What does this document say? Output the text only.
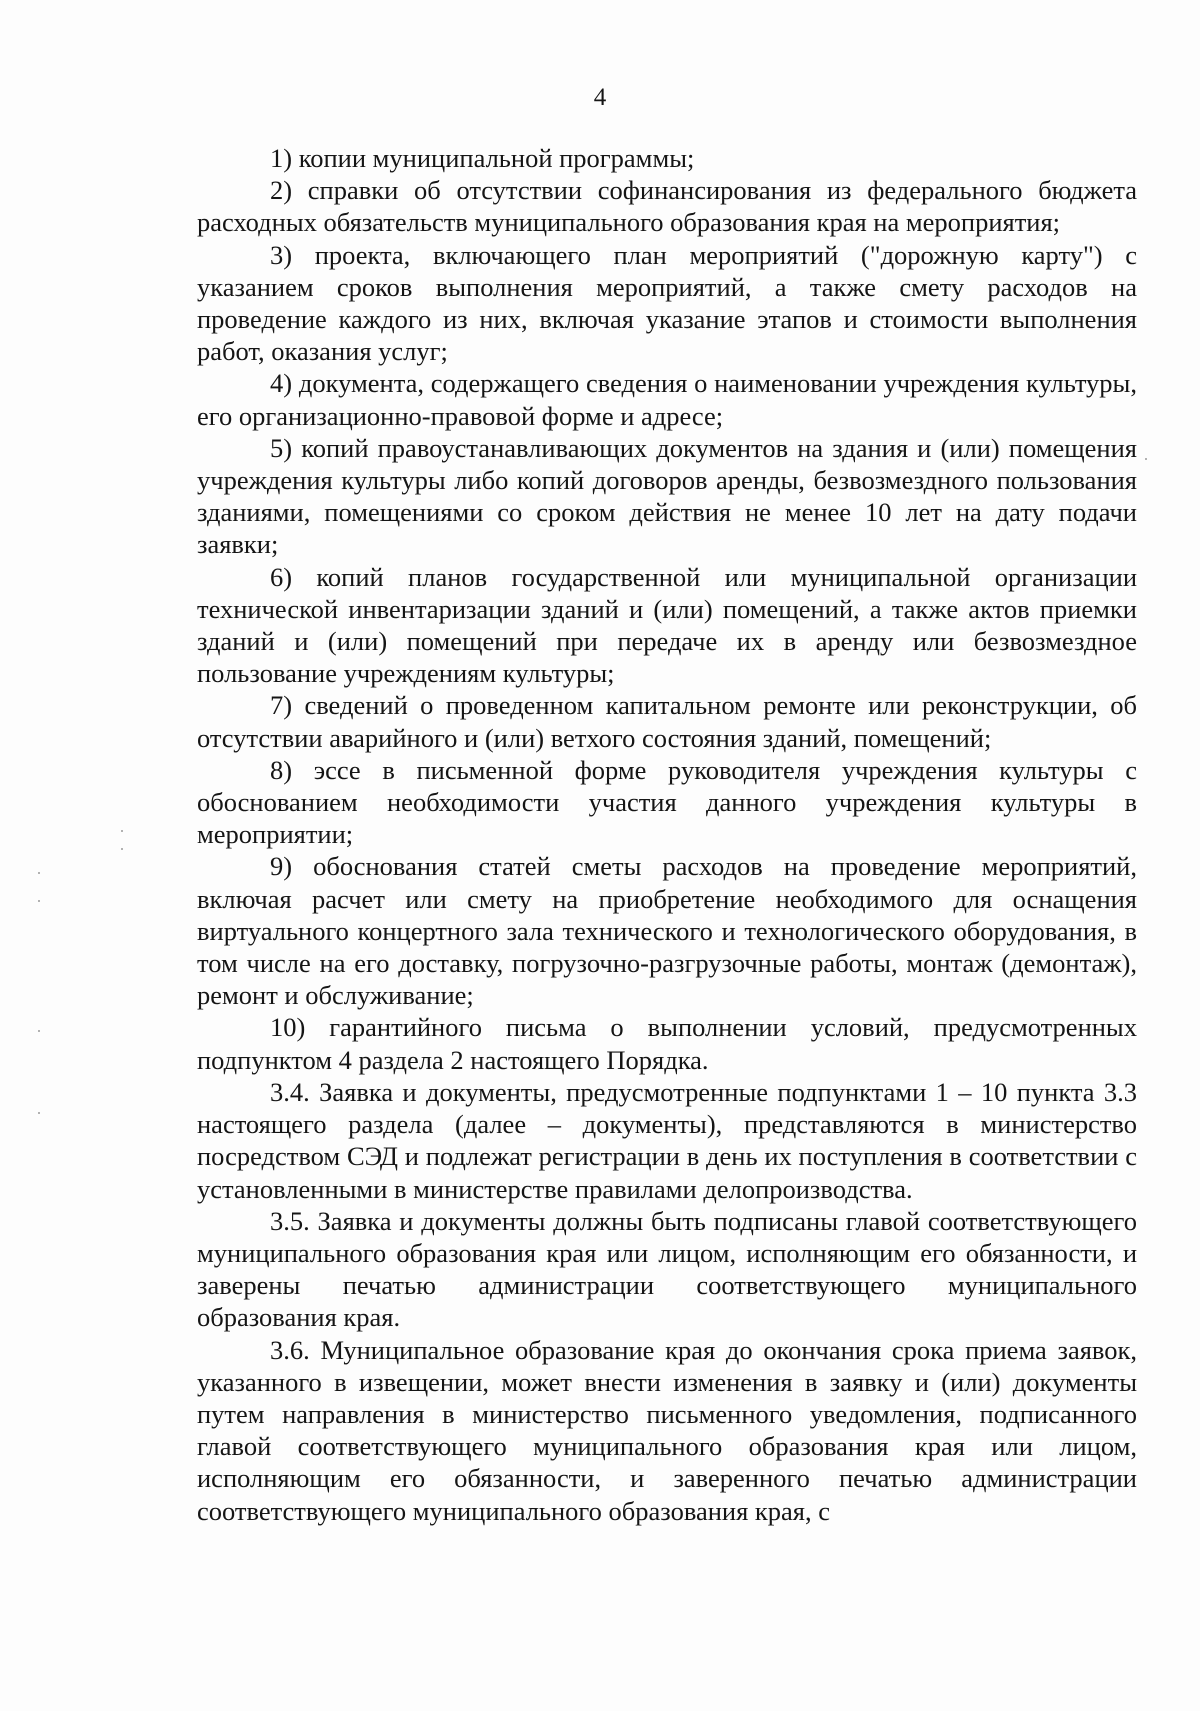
4

1) копии муниципальной программы;

2) справки об отсутствии софинансирования из федерального бюджета расходных обязательств муниципального образования края на мероприятия;

3) проекта, включающего план мероприятий ("дорожную карту") с указанием сроков выполнения мероприятий, а также смету расходов на проведение каждого из них, включая указание этапов и стоимости выполнения работ, оказания услуг;

4) документа, содержащего сведения о наименовании учреждения культуры, его организационно-правовой форме и адресе;

5) копий правоустанавливающих документов на здания и (или) помещения учреждения культуры либо копий договоров аренды, безвозмездного пользования зданиями, помещениями со сроком действия не менее 10 лет на дату подачи заявки;

6) копий планов государственной или муниципальной организации технической инвентаризации зданий и (или) помещений, а также актов приемки зданий и (или) помещений при передаче их в аренду или безвозмездное пользование учреждениям культуры;

7) сведений о проведенном капитальном ремонте или реконструкции, об отсутствии аварийного и (или) ветхого состояния зданий, помещений;

8) эссе в письменной форме руководителя учреждения культуры с обоснованием необходимости участия данного учреждения культуры в мероприятии;

9) обоснования статей сметы расходов на проведение мероприятий, включая расчет или смету на приобретение необходимого для оснащения виртуального концертного зала технического и технологического оборудования, в том числе на его доставку, погрузочно-разгрузочные работы, монтаж (демонтаж), ремонт и обслуживание;

10) гарантийного письма о выполнении условий, предусмотренных подпунктом 4 раздела 2 настоящего Порядка.

3.4. Заявка и документы, предусмотренные подпунктами 1 – 10 пункта 3.3 настоящего раздела (далее – документы), представляются в министерство посредством СЭД и подлежат регистрации в день их поступления в соответствии с установленными в министерстве правилами делопроизводства.

3.5. Заявка и документы должны быть подписаны главой соответствующего муниципального образования края или лицом, исполняющим его обязанности, и заверены печатью администрации соответствующего муниципального образования края.

3.6. Муниципальное образование края до окончания срока приема заявок, указанного в извещении, может внести изменения в заявку и (или) документы путем направления в министерство письменного уведомления, подписанного главой соответствующего муниципального образования края или лицом, исполняющим его обязанности, и заверенного печатью администрации соответствующего муниципального образования края, с
